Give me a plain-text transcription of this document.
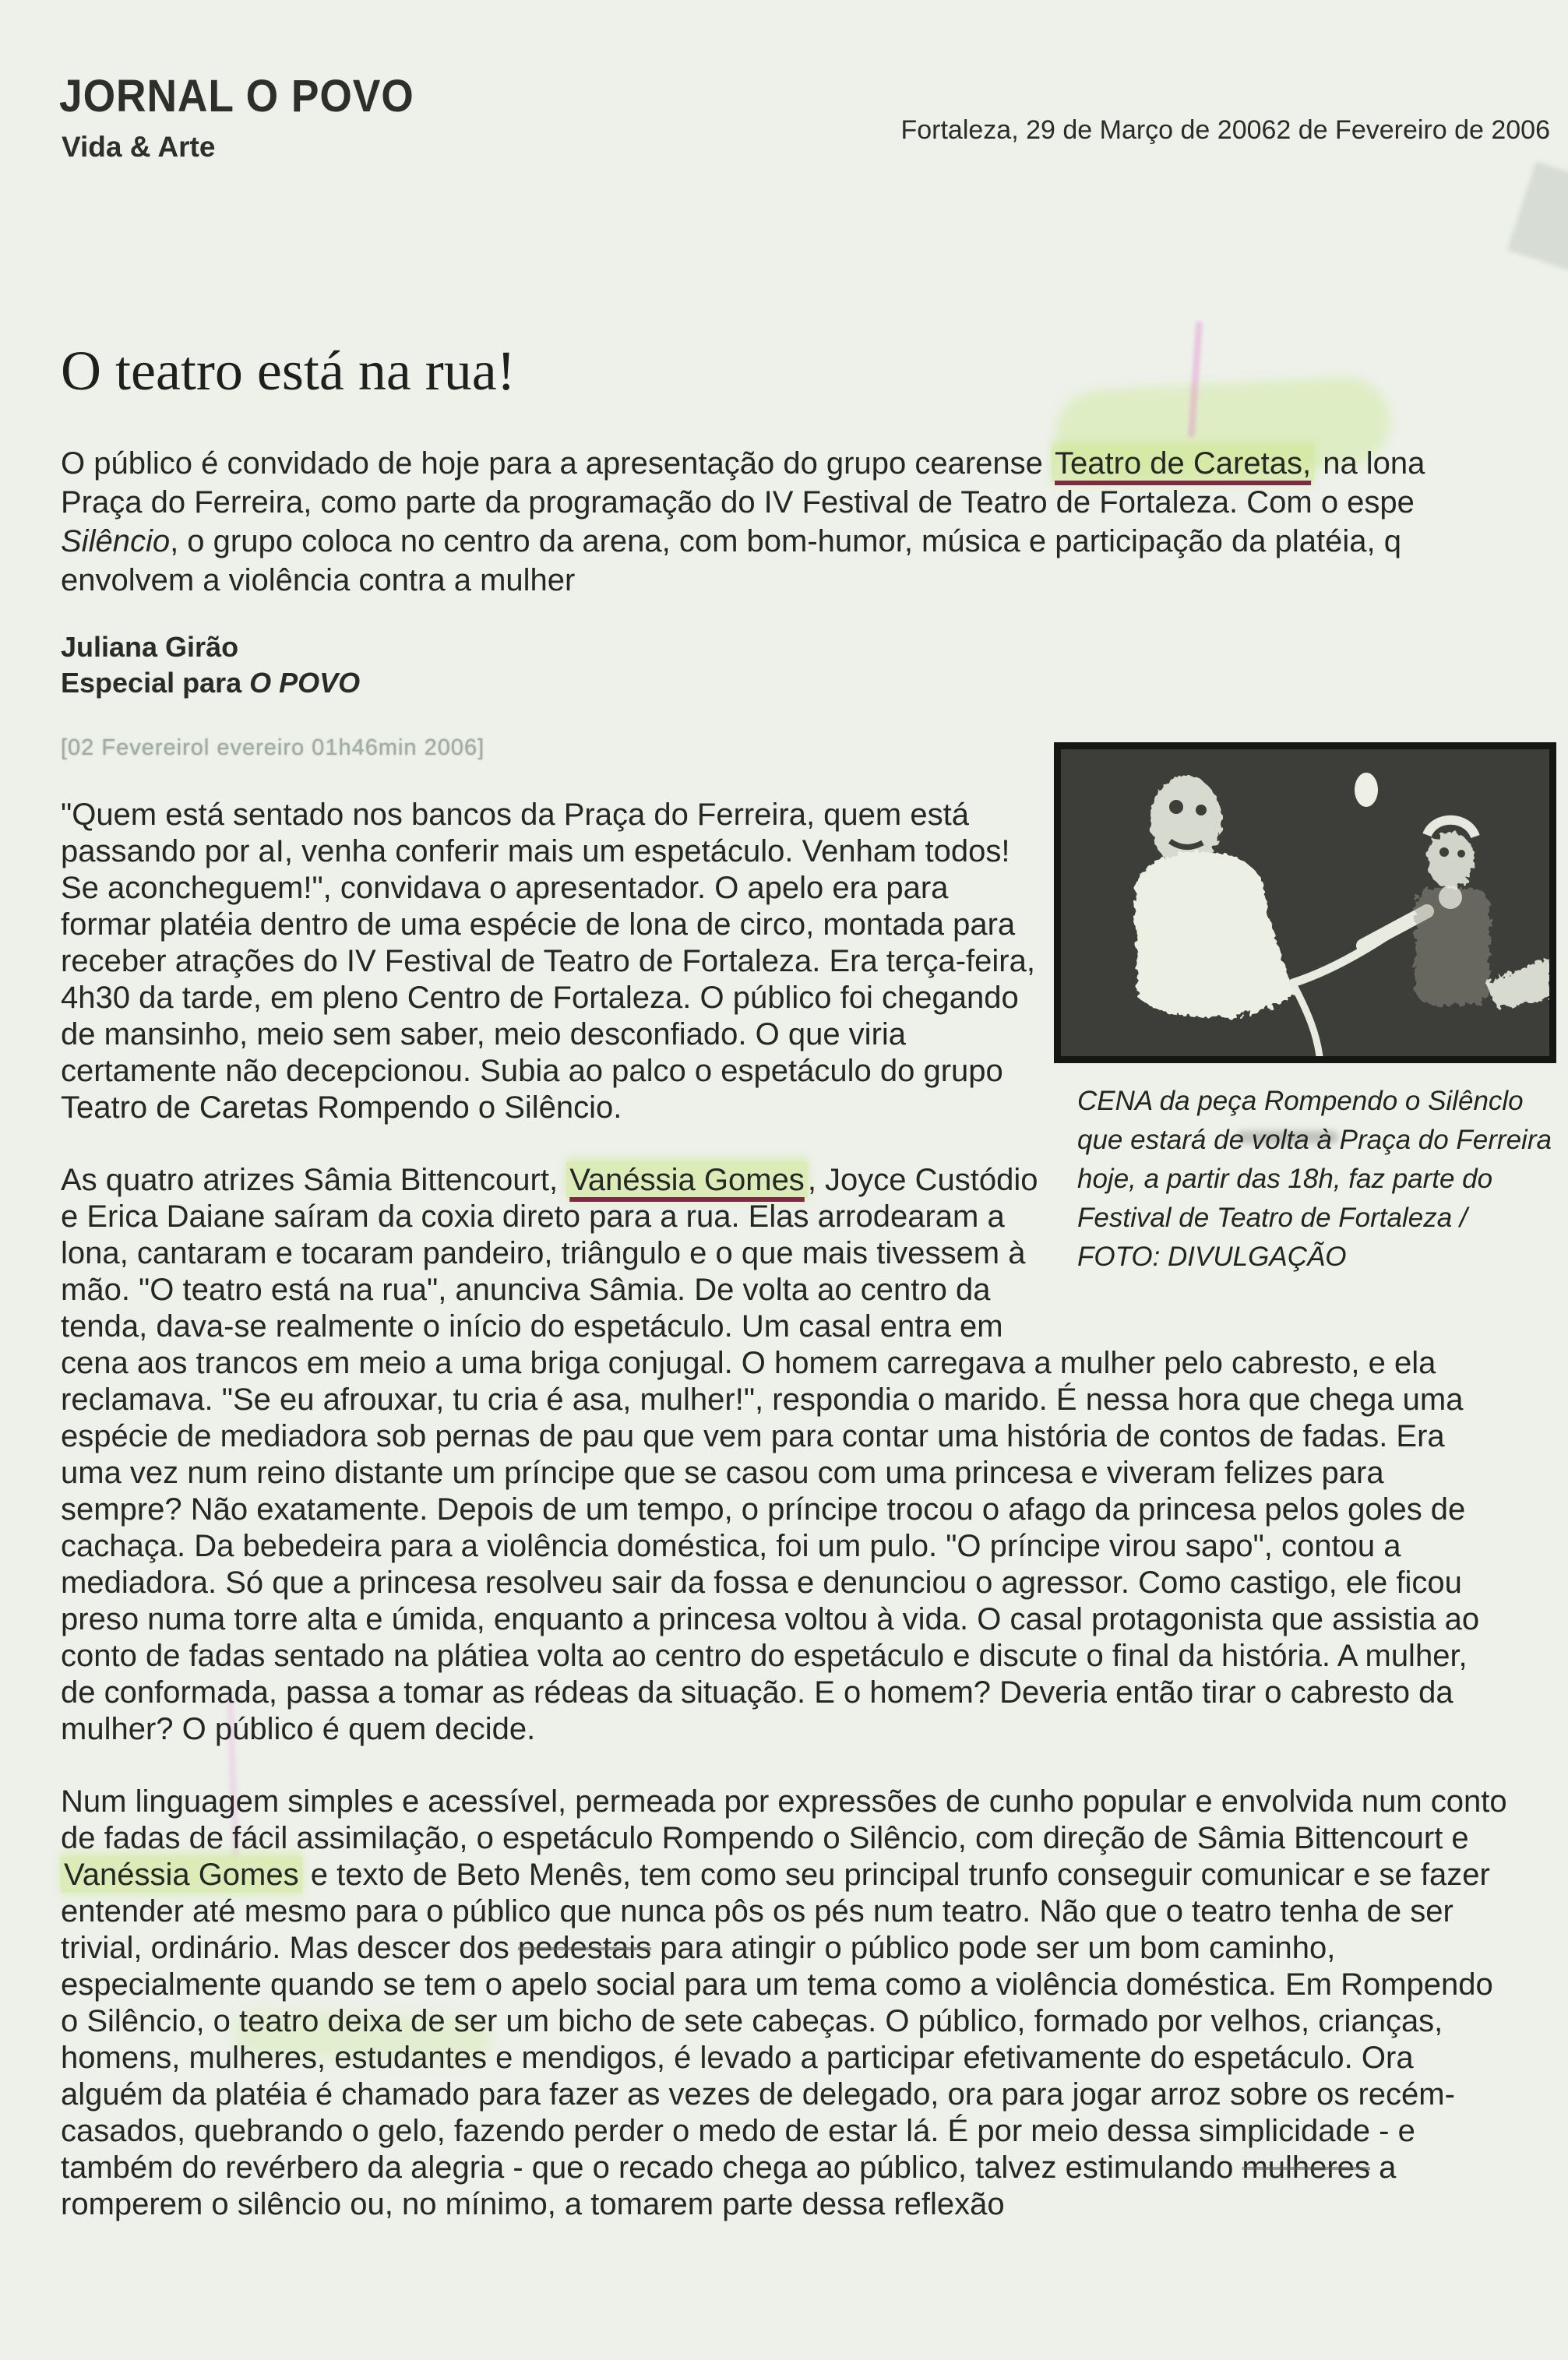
JORNAL O POVO
Vida & Arte
Fortaleza, 29 de Março de 20062 de Fevereiro de 2006
O teatro está na rua!

O público é convidado de hoje para a apresentação do grupo cearense Teatro de Caretas, na lona Praça do Ferreira, como parte da programação do IV Festival de Teatro de Fortaleza. Com o espe Silêncio, o grupo coloca no centro da arena, com bom-humor, música e participação da platéia, q envolvem a violência contra a mulher

CENA da peça Rompendo o Silênclo que estará de volta à Praça do Ferreira hoje, a partir das 18h, faz parte do Festival de Teatro de Fortaleza / FOTO: DIVULGAÇÃO
Juliana Girão
Especial para O POVO
[02 Fevereirol evereiro 01h46min 2006]

"Quem está sentado nos bancos da Praça do Ferreira, quem está passando por aI, venha conferir mais um espetáculo. Venham todos! Se aconcheguem!", convidava o apresentador. O apelo era para formar platéia dentro de uma espécie de lona de circo, montada para receber atrações do IV Festival de Teatro de Fortaleza. Era terça-feira, 4h30 da tarde, em pleno Centro de Fortaleza. O público foi chegando de mansinho, meio sem saber, meio desconfiado. O que viria certamente não decepcionou. Subia ao palco o espetáculo do grupo Teatro de Caretas Rompendo o Silêncio.

As quatro atrizes Sâmia Bittencourt, Vanéssia Gomes , Joyce Custódio e Erica Daiane saíram da coxia direto para a rua. Elas arrodearam a lona, cantaram e tocaram pandeiro, triângulo e o que mais tivessem à mão. "O teatro está na rua", anunciva Sâmia. De volta ao centro da tenda, dava-se realmente o início do espetáculo. Um casal entra em cena aos trancos em meio a uma briga conjugal. O homem carregava a mulher pelo cabresto, e ela reclamava. "Se eu afrouxar, tu cria é asa, mulher!", respondia o marido. É nessa hora que chega uma espécie de mediadora sob pernas de pau que vem para contar uma história de contos de fadas. Era uma vez num reino distante um príncipe que se casou com uma princesa e viveram felizes para sempre? Não exatamente. Depois de um tempo, o príncipe trocou o afago da princesa pelos goles de cachaça. Da bebedeira para a violência doméstica, foi um pulo. "O príncipe virou sapo", contou a mediadora. Só que a princesa resolveu sair da fossa e denunciou o agressor. Como castigo, ele ficou preso numa torre alta e úmida, enquanto a princesa voltou à vida. O casal protagonista que assistia ao conto de fadas sentado na plátiea volta ao centro do espetáculo e discute o final da história. A mulher, de conformada, passa a tomar as rédeas da situação. E o homem? Deveria então tirar o cabresto da mulher? O público é quem decide.

Num linguagem simples e acessível, permeada por expressões de cunho popular e envolvida num conto de fadas de fácil assimilação, o espetáculo Rompendo o Silêncio, com direção de Sâmia Bittencourt e Vanéssia Gomes e texto de Beto Menês, tem como seu principal trunfo conseguir comunicar e se fazer entender até mesmo para o público que nunca pôs os pés num teatro. Não que o teatro tenha de ser trivial, ordinário. Mas descer dos pedestais para atingir o público pode ser um bom caminho, especialmente quando se tem o apelo social para um tema como a violência doméstica. Em Rompendo o Silêncio, o teatro deixa de ser um bicho de sete cabeças. O público, formado por velhos, crianças, homens, mulheres, estudantes e mendigos, é levado a participar efetivamente do espetáculo. Ora alguém da platéia é chamado para fazer as vezes de delegado, ora para jogar arroz sobre os recém-casados, quebrando o gelo, fazendo perder o medo de estar lá. É por meio dessa simplicidade - e também do revérbero da alegria - que o recado chega ao público, talvez estimulando mulheres a romperem o silêncio ou, no mínimo, a tomarem parte dessa reflexão
